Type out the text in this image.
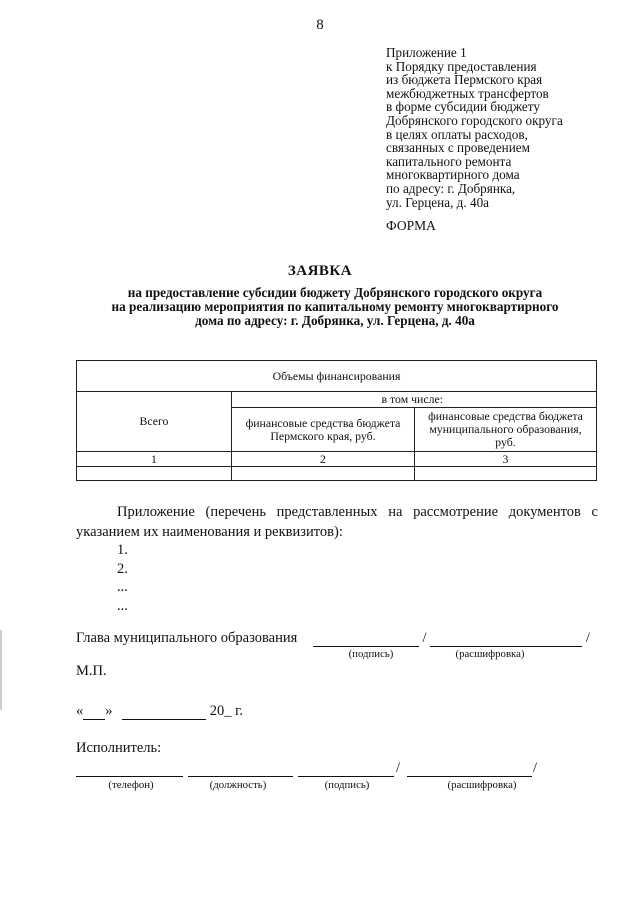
8
Приложение 1
к Порядку предоставления
из бюджета Пермского края
межбюджетных трансфертов
в форме субсидии бюджету
Добрянского городского округа
в целях оплаты расходов,
связанных с проведением
капитального ремонта
многоквартирного дома
по адресу: г. Добрянка,
ул. Герцена, д. 40а
ФОРМА
ЗАЯВКА
на предоставление субсидии бюджету Добрянского городского округа
на реализацию мероприятия по капитальному ремонту многоквартирного
дома по адресу: г. Добрянка, ул. Герцена, д. 40а
Объемы финансирования		
Всего	в том числе:	
	финансовые средства бюджета Пермского края, руб.	финансовые средства бюджета муниципального образования, руб.
1	2	3

Приложение (перечень представленных на рассмотрение документов с указанием их наименования и реквизитов):
1.
2.
...
...
Глава муниципального образования	/	/
(подпись)	(расшифровка)
М.П.
« »	20_ г.
Исполнитель:
/	/
(телефон)	(должность)	(подпись)	(расшифровка)
